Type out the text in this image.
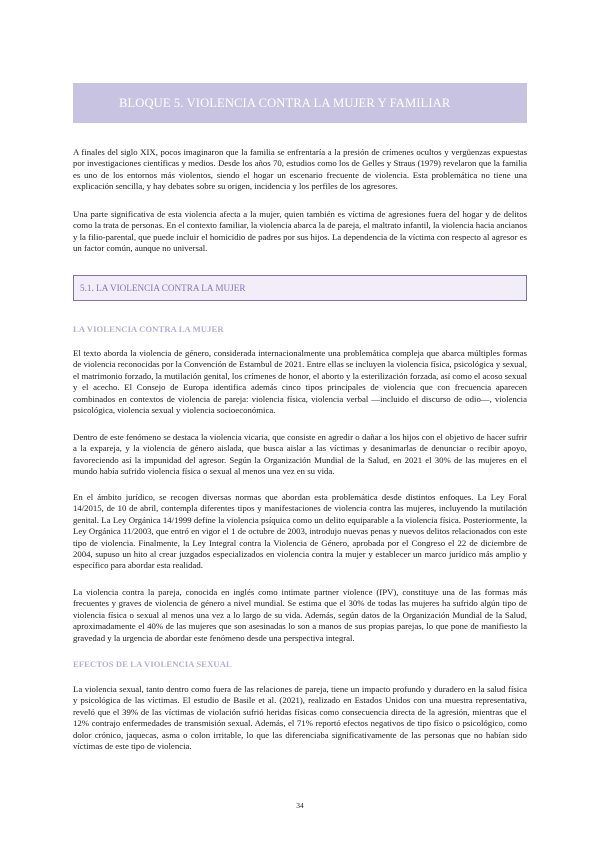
BLOQUE 5. VIOLENCIA CONTRA LA MUJER Y FAMILIAR

A finales del siglo XIX, pocos imaginaron que la familia se enfrentaría a la presión de crímenes ocultos y vergüenzas expuestas por investigaciones científicas y medios. Desde los años 70, estudios como los de Gelles y Straus (1979) revelaron que la familia es uno de los entornos más violentos, siendo el hogar un escenario frecuente de violencia. Esta problemática no tiene una explicación sencilla, y hay debates sobre su origen, incidencia y los perfiles de los agresores.

Una parte significativa de esta violencia afecta a la mujer, quien también es víctima de agresiones fuera del hogar y de delitos como la trata de personas. En el contexto familiar, la violencia abarca la de pareja, el maltrato infantil, la violencia hacia ancianos y la filio-parental, que puede incluir el homicidio de padres por sus hijos. La dependencia de la víctima con respecto al agresor es un factor común, aunque no universal.

5.1. LA VIOLENCIA CONTRA LA MUJER
LA VIOLENCIA CONTRA LA MUJER

El texto aborda la violencia de género, considerada internacionalmente una problemática compleja que abarca múltiples formas de violencia reconocidas por la Convención de Estambul de 2021. Entre ellas se incluyen la violencia física, psicológica y sexual, el matrimonio forzado, la mutilación genital, los crímenes de honor, el aborto y la esterilización forzada, así como el acoso sexual y el acecho. El Consejo de Europa identifica además cinco tipos principales de violencia que con frecuencia aparecen combinados en contextos de violencia de pareja: violencia física, violencia verbal —incluido el discurso de odio—, violencia psicológica, violencia sexual y violencia socioeconómica.

Dentro de este fenómeno se destaca la violencia vicaria, que consiste en agredir o dañar a los hijos con el objetivo de hacer sufrir a la expareja, y la violencia de género aislada, que busca aislar a las víctimas y desanimarlas de denunciar o recibir apoyo, favoreciendo así la impunidad del agresor. Según la Organización Mundial de la Salud, en 2021 el 30% de las mujeres en el mundo había sufrido violencia física o sexual al menos una vez en su vida.

En el ámbito jurídico, se recogen diversas normas que abordan esta problemática desde distintos enfoques. La Ley Foral 14/2015, de 10 de abril, contempla diferentes tipos y manifestaciones de violencia contra las mujeres, incluyendo la mutilación genital. La Ley Orgánica 14/1999 define la violencia psíquica como un delito equiparable a la violencia física. Posteriormente, la Ley Orgánica 11/2003, que entró en vigor el 1 de octubre de 2003, introdujo nuevas penas y nuevos delitos relacionados con este tipo de violencia. Finalmente, la Ley Integral contra la Violencia de Género, aprobada por el Congreso el 22 de diciembre de 2004, supuso un hito al crear juzgados especializados en violencia contra la mujer y establecer un marco jurídico más amplio y específico para abordar esta realidad.

La violencia contra la pareja, conocida en inglés como intimate partner violence (IPV), constituye una de las formas más frecuentes y graves de violencia de género a nivel mundial. Se estima que el 30% de todas las mujeres ha sufrido algún tipo de violencia física o sexual al menos una vez a lo largo de su vida. Además, según datos de la Organización Mundial de la Salud, aproximadamente el 40% de las mujeres que son asesinadas lo son a manos de sus propias parejas, lo que pone de manifiesto la gravedad y la urgencia de abordar este fenómeno desde una perspectiva integral.

EFECTOS DE LA VIOLENCIA SEXUAL

La violencia sexual, tanto dentro como fuera de las relaciones de pareja, tiene un impacto profundo y duradero en la salud física y psicológica de las víctimas. El estudio de Basile et al. (2021), realizado en Estados Unidos con una muestra representativa, reveló que el 39% de las víctimas de violación sufrió heridas físicas como consecuencia directa de la agresión, mientras que el 12% contrajo enfermedades de transmisión sexual. Además, el 71% reportó efectos negativos de tipo físico o psicológico, como dolor crónico, jaquecas, asma o colon irritable, lo que las diferenciaba significativamente de las personas que no habían sido víctimas de este tipo de violencia.

34
